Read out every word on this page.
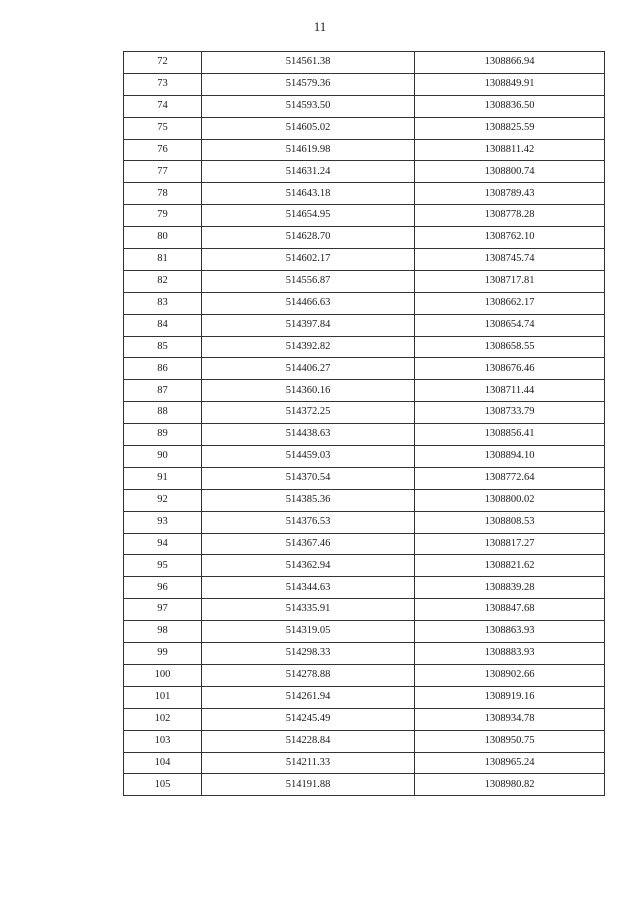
11
72	514561.38	1308866.94
73	514579.36	1308849.91
74	514593.50	1308836.50
75	514605.02	1308825.59
76	514619.98	1308811.42
77	514631.24	1308800.74
78	514643.18	1308789.43
79	514654.95	1308778.28
80	514628.70	1308762.10
81	514602.17	1308745.74
82	514556.87	1308717.81
83	514466.63	1308662.17
84	514397.84	1308654.74
85	514392.82	1308658.55
86	514406.27	1308676.46
87	514360.16	1308711.44
88	514372.25	1308733.79
89	514438.63	1308856.41
90	514459.03	1308894.10
91	514370.54	1308772.64
92	514385.36	1308800.02
93	514376.53	1308808.53
94	514367.46	1308817.27
95	514362.94	1308821.62
96	514344.63	1308839.28
97	514335.91	1308847.68
98	514319.05	1308863.93
99	514298.33	1308883.93
100	514278.88	1308902.66
101	514261.94	1308919.16
102	514245.49	1308934.78
103	514228.84	1308950.75
104	514211.33	1308965.24
105	514191.88	1308980.82
